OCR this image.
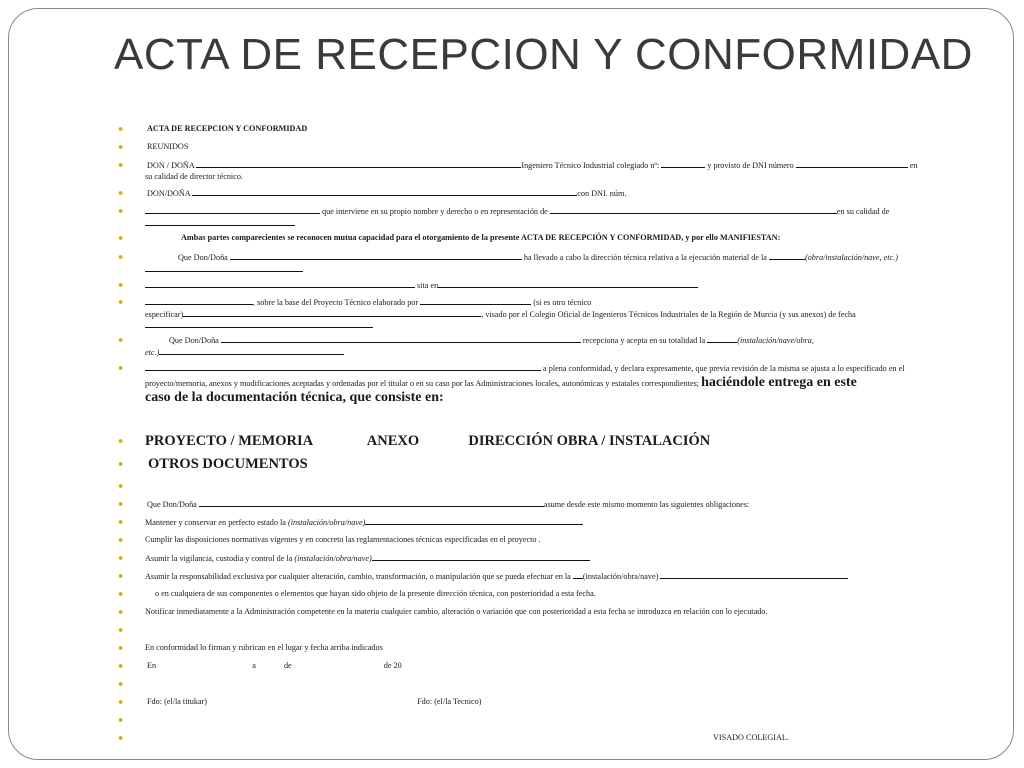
ACTA DE RECEPCION Y CONFORMIDAD
●
●
●
●
●
●
●
●
●
●
●
●
●
●
●
●
●
●
●
●
●
●
●
●
●
●
●
●
ACTA DE RECEPCION Y CONFORMIDAD
REUNIDOS
DON / DOÑA	Ingeniero Técnico Industrial colegiado nº:	y provisto de DNI número	en
su calidad de director técnico.
DON/DOÑA	con DNI. núm.
que interviene en su propio nombre y derecho o en representación de	en su calidad de

Ambas partes comparecientes se reconocen mutua capacidad para el otorgamiento de la presente ACTA DE RECEPCIÓN Y CONFORMIDAD, y por ello MANIFIESTAN:
Que Don/Doña	ha llevado a cabo la dirección técnica relativa a la ejecución material de la	(obra/instalación/nave, etc.)

sita en
, sobre la base del Proyecto Técnico elaborado por	(si es otro técnico
especificar)	, visado por el Colegio Oficial de Ingenieros Técnicos Industriales de la Región de Murcia (y sus anexos) de fecha

Que Don/Doña	recepciona y acepta en su totalidad la	(instalación/nave/obra,
etc.)
a plena conformidad, y declara expresamente, que previa revisión de la misma se ajusta a lo especificado en el
proyecto/memoria, anexos y modificaciones aceptadas y ordenadas por el titular o en su caso por las Administraciones locales, autonómicas y estatales correspondientes; haciéndole entrega en este
caso de la documentación técnica, que consiste en:
PROYECTO / MEMORIA	ANEXO	DIRECCIÓN OBRA / INSTALACIÓN
OTROS DOCUMENTOS
Que Don/Doña	asume desde este mismo momento las siguientes obligaciones:
Mantener y conservar en perfecto estado la (instalación/obra/nave)
Cumplir las disposiciones normativas vigentes y en concreto las reglamentaciones técnicas especificadas en el proyecto .
Asumir la vigilancia, custodia y control de la (instalación/obra/nave)
Asumir la responsabilidad exclusiva por cualquier alteración, cambio, transformación, o manipulación que se pueda efectuar en la (instalación/obra/nave)
o en cualquiera de sus componentes o elementos que hayan sido objeto de la presente dirección técnica, con posterioridad a esta fecha.
Notificar inmediatamente a la Administración competente en la materia cualquier cambio, alteración o variación que con posterioridad a esta fecha se introduzca en relación con lo ejecutado.
En conformidad lo firman y rubrican en el lugar y fecha arriba indicados
En	a	de	de 20
Fdo: (el/la titukar)	Fdo: (el/la Tecnico)
VISADO COLEGIAL.
